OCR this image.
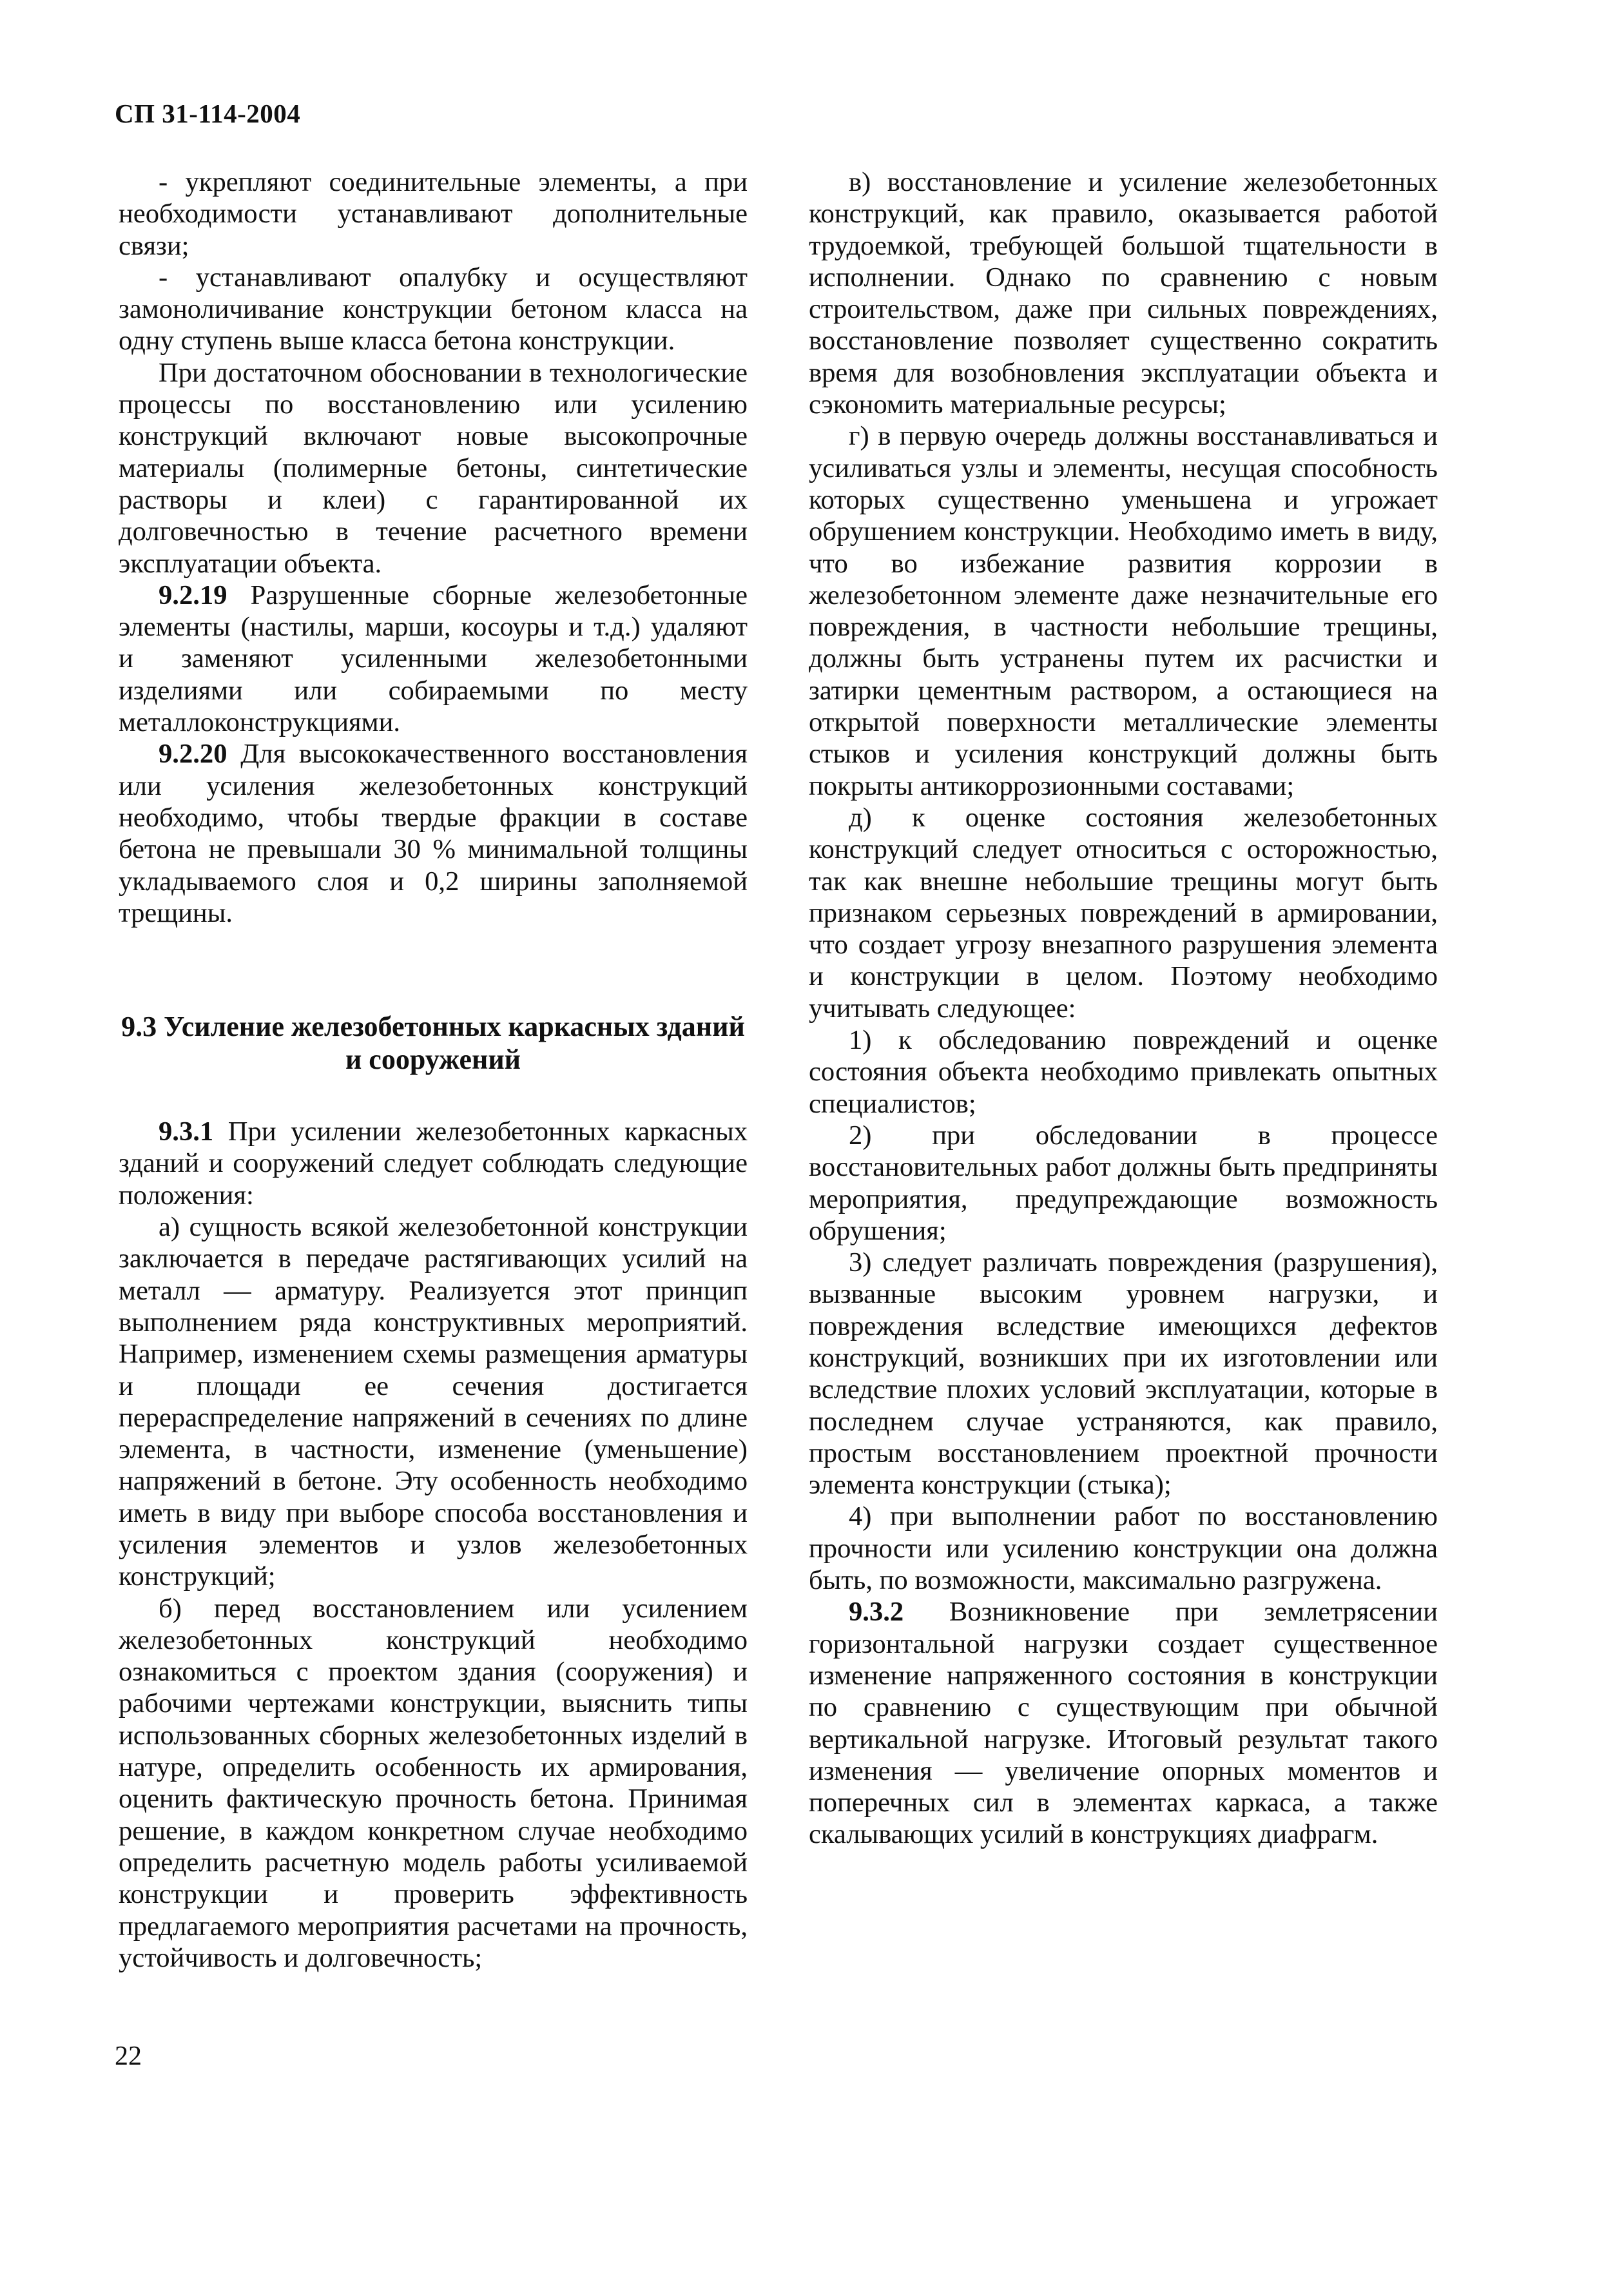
СП 31-114-2004

- укрепляют соединительные элементы, а при необходимости устанавливают дополнительные связи;

- устанавливают опалубку и осуществляют замоноличивание конструкции бетоном класса на одну ступень выше класса бетона конструкции.

При достаточном обосновании в технологические процессы по восстановлению или усилению конструкций включают новые высокопрочные материалы (полимерные бетоны, синтетические растворы и клеи) с гарантированной их долговечностью в течение расчетного времени эксплуатации объекта.

9.2.19 Разрушенные сборные железобетонные элементы (настилы, марши, косоуры и т.д.) удаляют и заменяют усиленными железобетонными изделиями или собираемыми по месту металлоконструкциями.

9.2.20 Для высококачественного восстановления или усиления железобетонных конструкций необходимо, чтобы твердые фракции в составе бетона не превышали 30 % минимальной толщины укладываемого слоя и 0,2 ширины заполняемой трещины.

9.3 Усиление железобетонных каркасных зданий и сооружений

9.3.1 При усилении железобетонных каркасных зданий и сооружений следует соблюдать следующие положения:

а) сущность всякой железобетонной конструкции заключается в передаче растягивающих усилий на металл — арматуру. Реализуется этот принцип выполнением ряда конструктивных мероприятий. Например, изменением схемы размещения арматуры и площади ее сечения достигается перераспределение напряжений в сечениях по длине элемента, в частности, изменение (уменьшение) напряжений в бетоне. Эту особенность необходимо иметь в виду при выборе способа восстановления и усиления элементов и узлов железобетонных конструкций;

б) перед восстановлением или усилением железобетонных конструкций необходимо ознакомиться с проектом здания (сооружения) и рабочими чертежами конструкции, выяснить типы использованных сборных железобетонных изделий в натуре, определить особенность их армирования, оценить фактическую прочность бетона. Принимая решение, в каждом конкретном случае необходимо определить расчетную модель работы усиливаемой конструкции и проверить эффективность предлагаемого мероприятия расчетами на прочность, устойчивость и долговечность;

в) восстановление и усиление железобетонных конструкций, как правило, оказывается работой трудоемкой, требующей большой тщательности в исполнении. Однако по сравнению с новым строительством, даже при сильных повреждениях, восстановление позволяет существенно сократить время для возобновления эксплуатации объекта и сэкономить материальные ресурсы;

г) в первую очередь должны восстанавливаться и усиливаться узлы и элементы, несущая способность которых существенно уменьшена и угрожает обрушением конструкции. Необходимо иметь в виду, что во избежание развития коррозии в железобетонном элементе даже незначительные его повреждения, в частности небольшие трещины, должны быть устранены путем их расчистки и затирки цементным раствором, а остающиеся на открытой поверхности металлические элементы стыков и усиления конструкций должны быть покрыты антикоррозионными составами;

д) к оценке состояния железобетонных конструкций следует относиться с осторожностью, так как внешне небольшие трещины могут быть признаком серьезных повреждений в армировании, что создает угрозу внезапного разрушения элемента и конструкции в целом. Поэтому необходимо учитывать следующее:

1) к обследованию повреждений и оценке состояния объекта необходимо привлекать опытных специалистов;

2) при обследовании в процессе восстановительных работ должны быть предприняты мероприятия, предупреждающие возможность обрушения;

3) следует различать повреждения (разрушения), вызванные высоким уровнем нагрузки, и повреждения вследствие имеющихся дефектов конструкций, возникших при их изготовлении или вследствие плохих условий эксплуатации, которые в последнем случае устраняются, как правило, простым восстановлением проектной прочности элемента конструкции (стыка);

4) при выполнении работ по восстановлению прочности или усилению конструкции она должна быть, по возможности, максимально разгружена.

9.3.2 Возникновение при землетрясении горизонтальной нагрузки создает существенное изменение напряженного состояния в конструкции по сравнению с существующим при обычной вертикальной нагрузке. Итоговый результат такого изменения — увеличение опорных моментов и поперечных сил в элементах каркаса, а также скалывающих усилий в конструкциях диафрагм.

22
